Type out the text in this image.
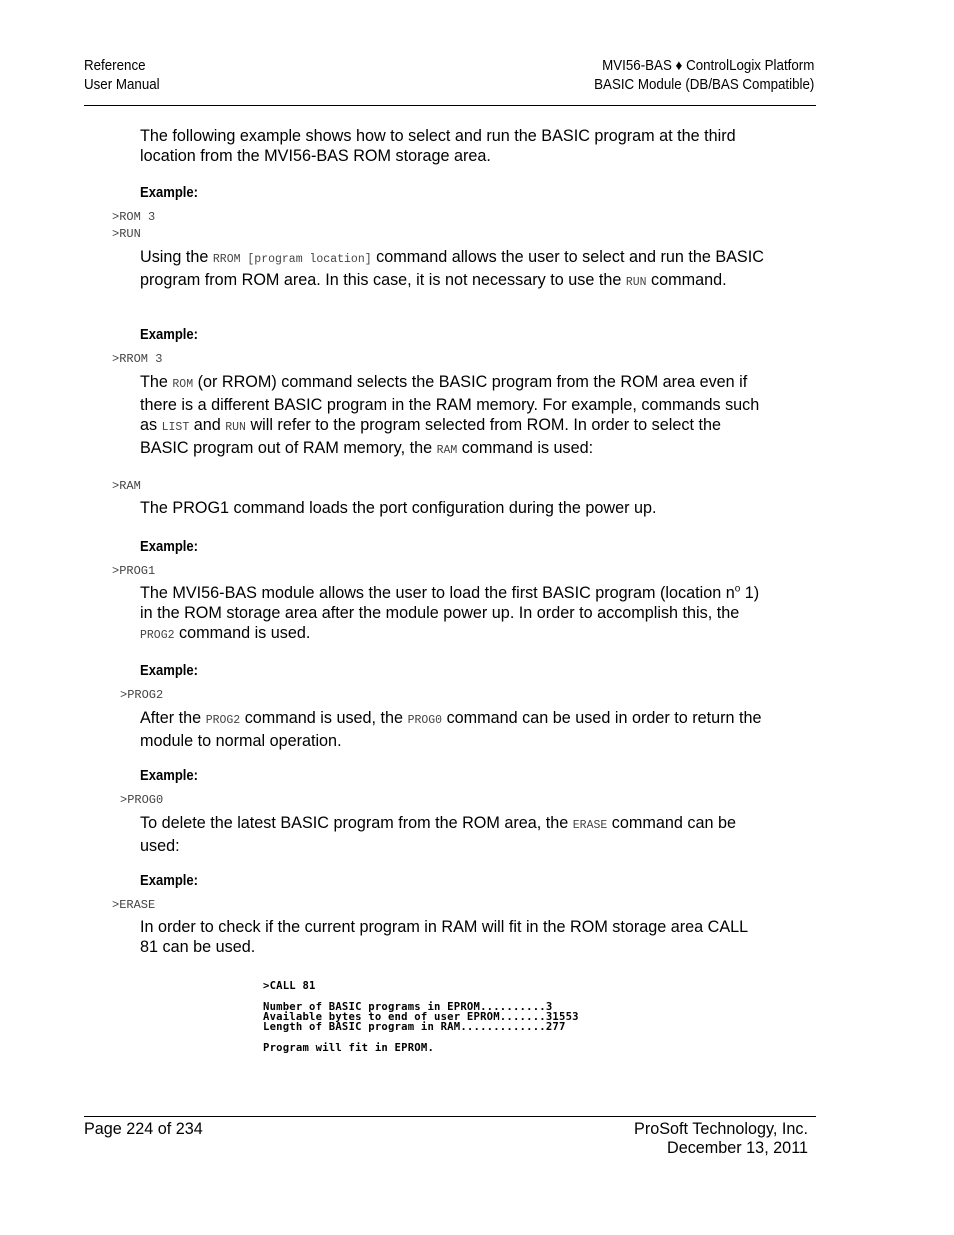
Reference
User Manual
MVI56-BAS ♦ ControlLogix Platform
BASIC Module (DB/BAS Compatible)
The following example shows how to select and run the BASIC program at the third location from the MVI56-BAS ROM storage area.
Example:
>ROM 3
>RUN
Using the RROM [program location] command allows the user to select and run the BASIC program from ROM area. In this case, it is not necessary to use the RUN command.
Example:
>RROM 3
The ROM (or RROM) command selects the BASIC program from the ROM area even if there is a different BASIC program in the RAM memory. For example, commands such as LIST and RUN will refer to the program selected from ROM. In order to select the BASIC program out of RAM memory, the RAM command is used:
>RAM
The PROG1 command loads the port configuration during the power up.
Example:
>PROG1
The MVI56-BAS module allows the user to load the first BASIC program (location $n^o$ 1) in the ROM storage area after the module power up. In order to accomplish this, the PROG2 command is used.
Example:
>PROG2
After the PROG2 command is used, the PROG0 command can be used in order to return the module to normal operation.
Example:
>PROG0
To delete the latest BASIC program from the ROM area, the ERASE command can be used:
Example:
>ERASE
In order to check if the current program in RAM will fit in the ROM storage area CALL 81 can be used.
>CALL 81

Number of BASIC programs in EPROM..........3
Available bytes to end of user EPROM.......31553
Length of BASIC program in RAM.............277

Program will fit in EPROM.
Page 224 of 234	ProSoft Technology, Inc.
December 13, 2011
